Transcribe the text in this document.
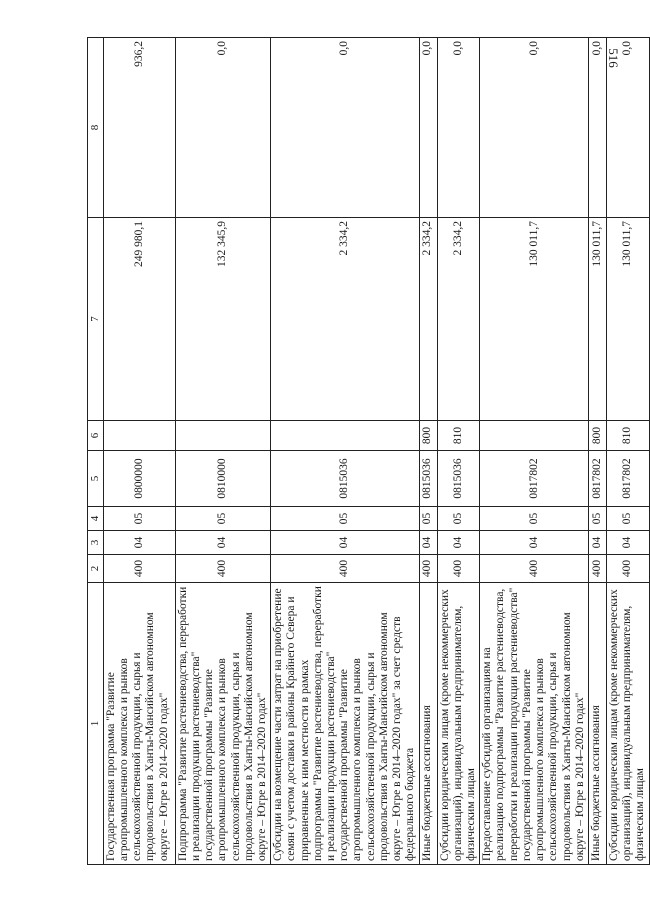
516
1	2	3	4	5	6	7	8
Государственная программа "Развитие агропромышленного комплекса и рынков сельскохозяйственной продукции, сырья и продовольствия в Ханты-Мансийском автономном округе – Югре в 2014–2020 годах"	400	04	05	0800000		249 980,1	936,2
Подпрограмма "Развитие растениеводства, переработки и реализации продукции растениеводства" государственной программы "Развитие агропромышленного комплекса и рынков сельскохозяйственной продукции, сырья и продовольствия в Ханты-Мансийском автономном округе – Югре в 2014–2020 годах"	400	04	05	0810000		132 345,9	0,0
Субсидии на возмещение части затрат на приобретение семян с учетом доставки в районы Крайнего Севера и приравненные к ним местности в рамках подпрограммы "Развитие растениеводства, переработки и реализации продукции растениеводства" государственной программы "Развитие агропромышленного комплекса и рынков сельскохозяйственной продукции, сырья и продовольствия в Ханты-Мансийском автономном округе – Югре в 2014–2020 годах" за счет средств федерального бюджета	400	04	05	0815036		2 334,2	0,0
Иные бюджетные ассигнования	400	04	05	0815036	800	2 334,2	0,0
Субсидии юридическим лицам (кроме некоммерческих организаций), индивидуальным предпринимателям, физическим лицам	400	04	05	0815036	810	2 334,2	0,0
Предоставление субсидий организациям на реализацию подпрограммы "Развитие растениеводства, переработки и реализации продукции растениеводства" государственной программы "Развитие агропромышленного комплекса и рынков сельскохозяйственной продукции, сырья и продовольствия в Ханты-Мансийском автономном округе – Югре в 2014–2020 годах"	400	04	05	0817802		130 011,7	0,0
Иные бюджетные ассигнования	400	04	05	0817802	800	130 011,7	0,0
Субсидии юридическим лицам (кроме некоммерческих организаций), индивидуальным предпринимателям, физическим лицам	400	04	05	0817802	810	130 011,7	0,0
